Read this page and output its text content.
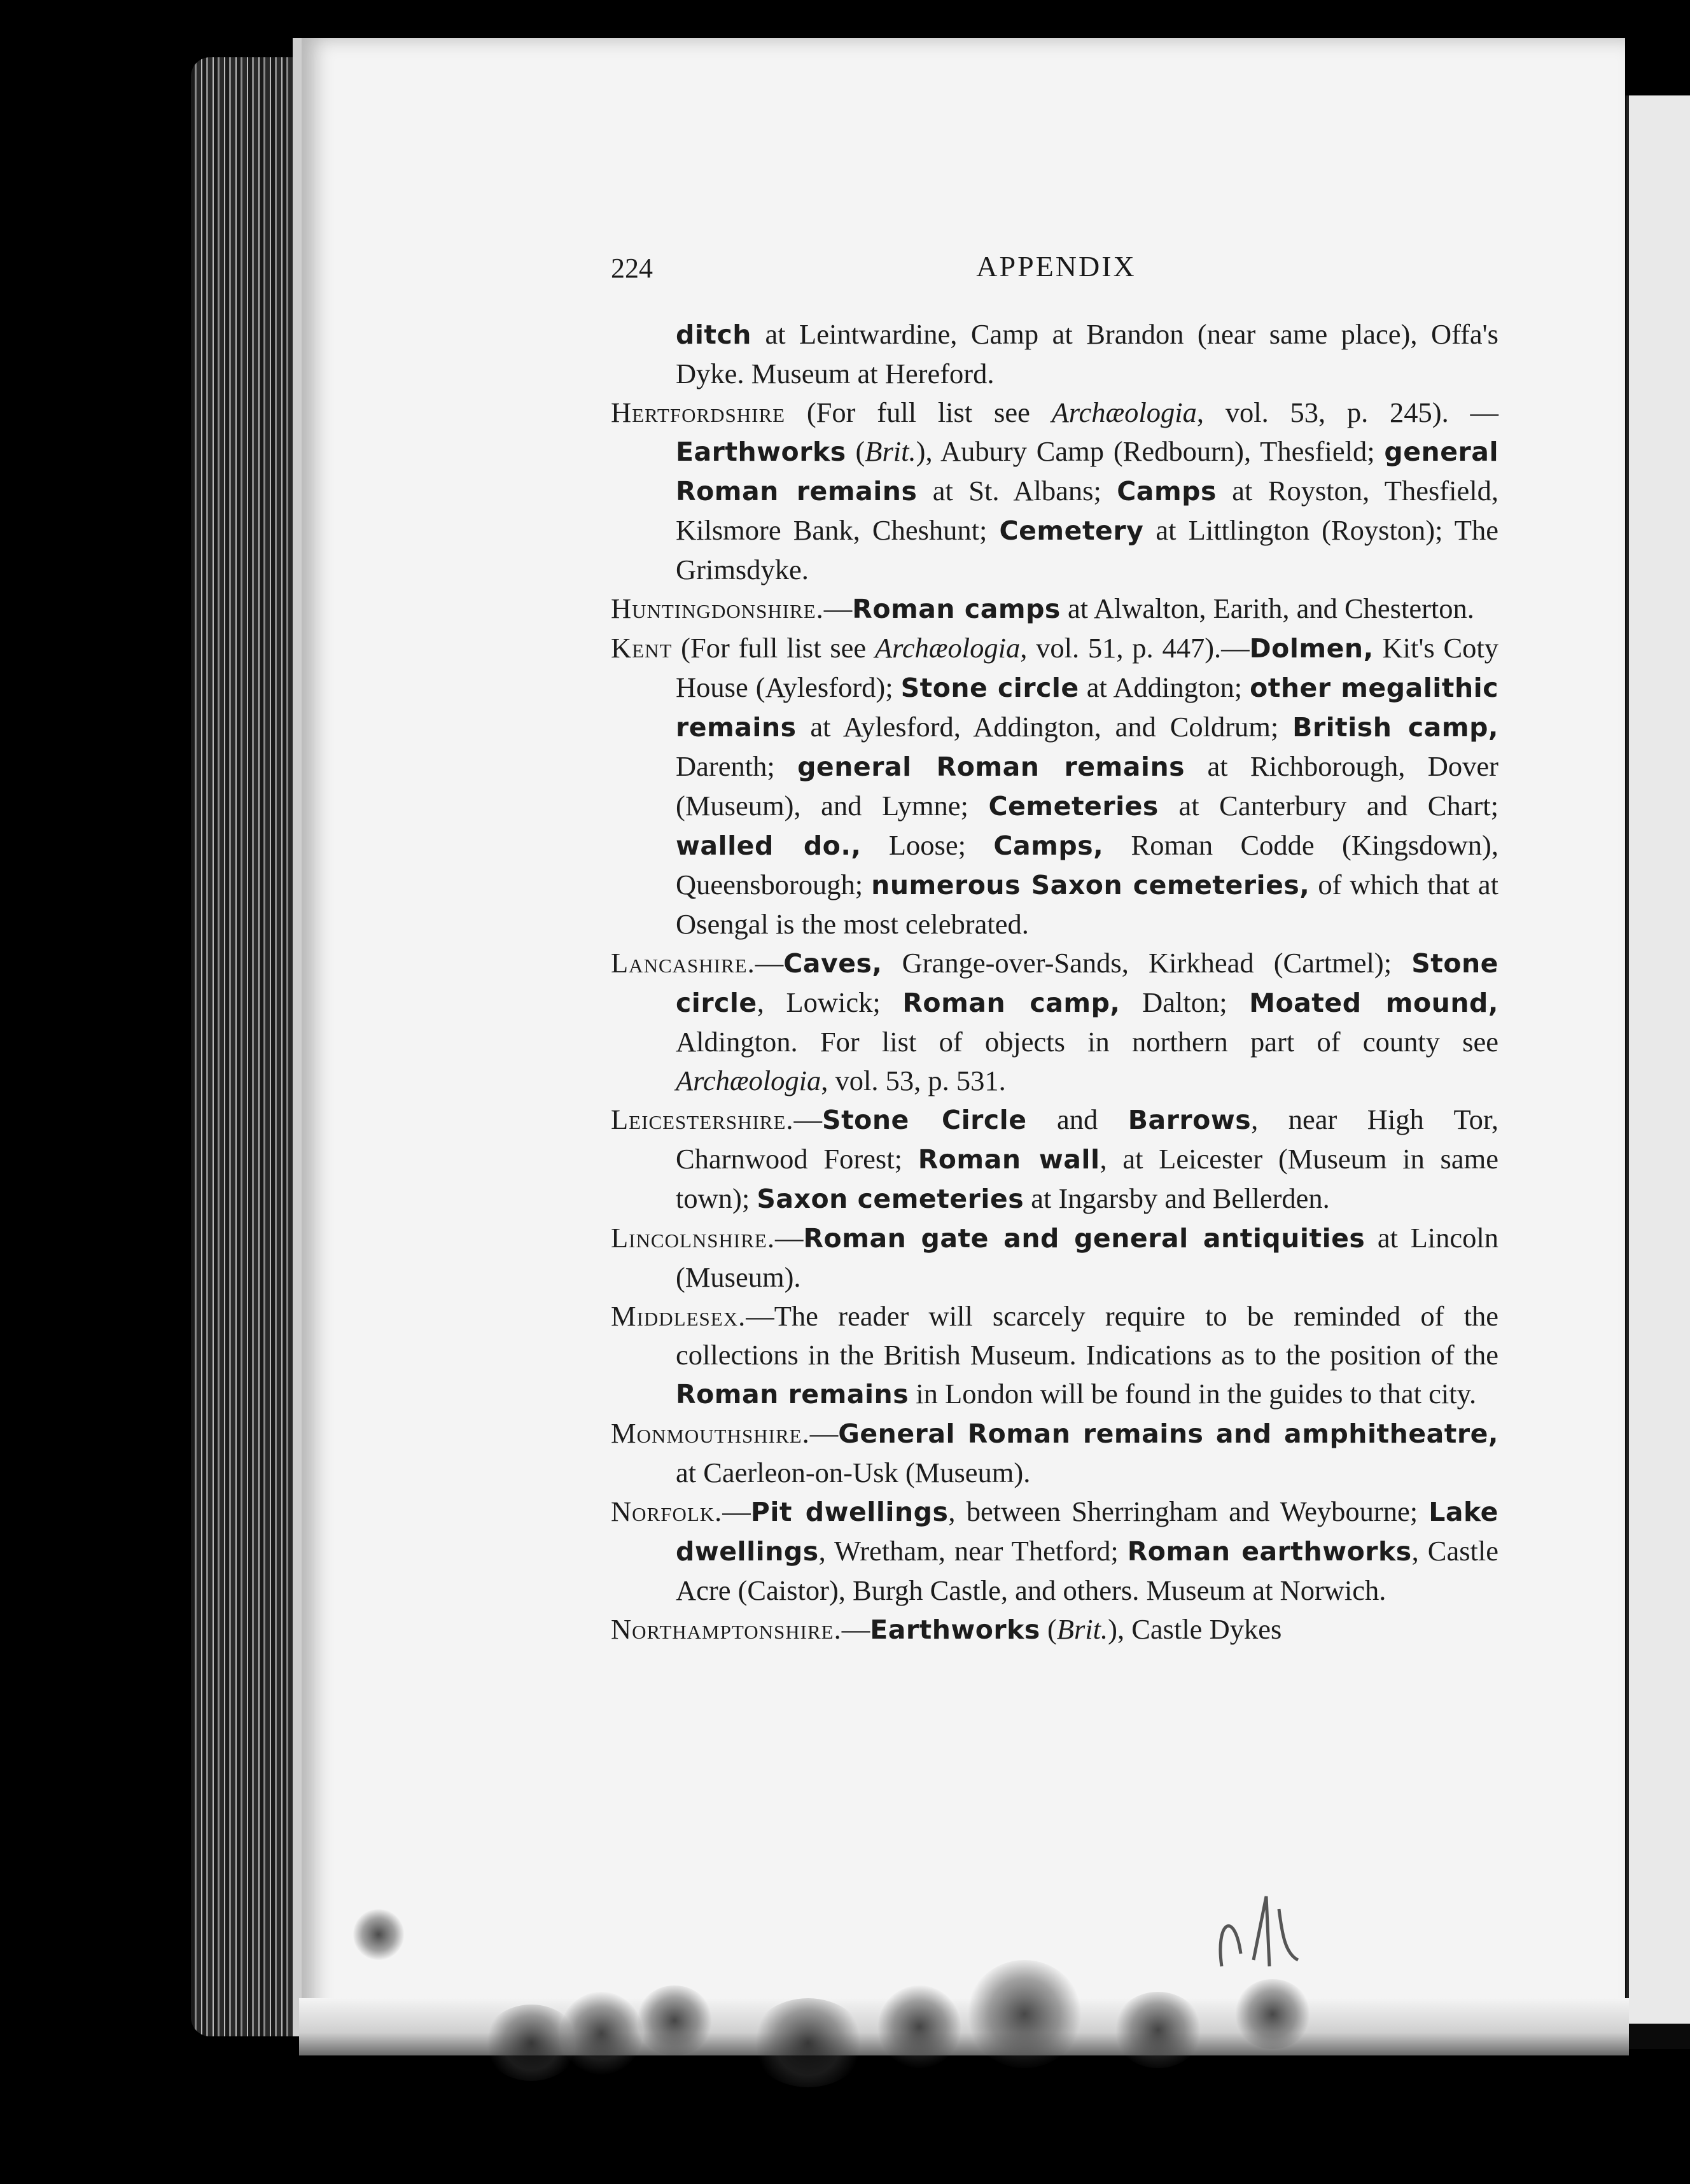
224	APPENDIX

ditch at Leintwardine, Camp at Brandon (near same place), Offa's Dyke. Museum at Hereford.

Hertfordshire (For full list see Archæologia, vol. 53, p. 245). —Earthworks (Brit.), Aubury Camp (Redbourn), Thesfield; general Roman remains at St. Albans; Camps at Royston, Thesfield, Kilsmore Bank, Cheshunt; Cemetery at Littlington (Royston); The Grimsdyke.

Huntingdonshire.—Roman camps at Alwalton, Earith, and Chesterton.

Kent (For full list see Archæologia, vol. 51, p. 447).—Dolmen, Kit's Coty House (Aylesford); Stone circle at Addington; other megalithic remains at Aylesford, Addington, and Coldrum; British camp, Darenth; general Roman remains at Richborough, Dover (Museum), and Lymne; Cemeteries at Canterbury and Chart; walled do., Loose; Camps, Roman Codde (Kingsdown), Queensborough; numerous Saxon cemeteries, of which that at Osengal is the most celebrated.

Lancashire.—Caves, Grange-over-Sands, Kirkhead (Cartmel); Stone circle, Lowick; Roman camp, Dalton; Moated mound, Aldington. For list of objects in northern part of county see Archæologia, vol. 53, p. 531.

Leicestershire.—Stone Circle and Barrows, near High Tor, Charnwood Forest; Roman wall, at Leicester (Museum in same town); Saxon cemeteries at Ingarsby and Bellerden.

Lincolnshire.—Roman gate and general antiquities at Lincoln (Museum).

Middlesex.—The reader will scarcely require to be reminded of the collections in the British Museum. Indications as to the position of the Roman remains in London will be found in the guides to that city.

Monmouthshire.—General Roman remains and amphitheatre, at Caerleon-on-Usk (Museum).

Norfolk.—Pit dwellings, between Sherringham and Weybourne; Lake dwellings, Wretham, near Thetford; Roman earthworks, Castle Acre (Caistor), Burgh Castle, and others. Museum at Norwich.

Northamptonshire.—Earthworks (Brit.), Castle Dykes
